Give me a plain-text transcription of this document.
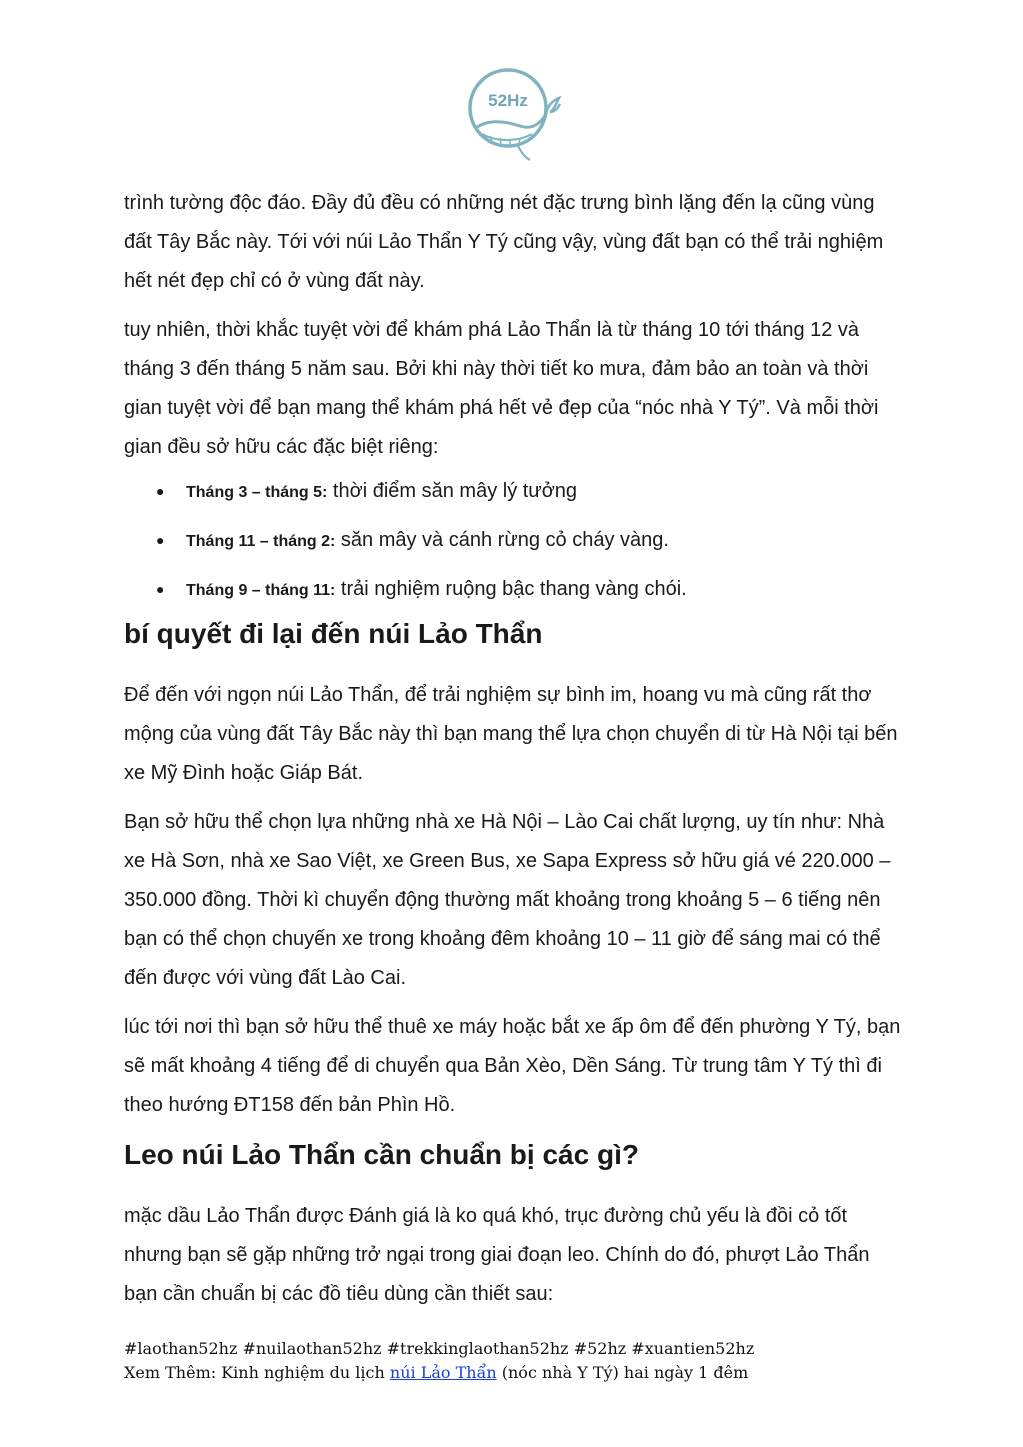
52Hz

trình tường độc đáo. Đầy đủ đều có những nét đặc trưng bình lặng đến lạ cũng vùng đất Tây Bắc này. Tới với núi Lảo Thẩn Y Tý cũng vậy, vùng đất bạn có thể trải nghiệm hết nét đẹp chỉ có ở vùng đất này.

tuy nhiên, thời khắc tuyệt vời để khám phá Lảo Thẩn là từ tháng 10 tới tháng 12 và tháng 3 đến tháng 5 năm sau. Bởi khi này thời tiết ko mưa, đảm bảo an toàn và thời gian tuyệt vời để bạn mang thể khám phá hết vẻ đẹp của “nóc nhà Y Tý”. Và mỗi thời gian đều sở hữu các đặc biệt riêng:

● Tháng 3 – tháng 5: thời điểm săn mây lý tưởng
● Tháng 11 – tháng 2: săn mây và cánh rừng cỏ cháy vàng.
● Tháng 9 – tháng 11: trải nghiệm ruộng bậc thang vàng chói.
bí quyết đi lại đến núi Lảo Thẩn

Để đến với ngọn núi Lảo Thẩn, để trải nghiệm sự bình im, hoang vu mà cũng rất thơ mộng của vùng đất Tây Bắc này thì bạn mang thể lựa chọn chuyển di từ Hà Nội tại bến xe Mỹ Đình hoặc Giáp Bát.

Bạn sở hữu thể chọn lựa những nhà xe Hà Nội – Lào Cai chất lượng, uy tín như: Nhà xe Hà Sơn, nhà xe Sao Việt, xe Green Bus, xe Sapa Express sở hữu giá vé 220.000 – 350.000 đồng. Thời kì chuyển động thường mất khoảng trong khoảng 5 – 6 tiếng nên bạn có thể chọn chuyến xe trong khoảng đêm khoảng 10 – 11 giờ để sáng mai có thể đến được với vùng đất Lào Cai.

lúc tới nơi thì bạn sở hữu thể thuê xe máy hoặc bắt xe ấp ôm để đến phường Y Tý, bạn sẽ mất khoảng 4 tiếng để di chuyển qua Bản Xèo, Dền Sáng. Từ trung tâm Y Tý thì đi theo hướng ĐT158 đến bản Phìn Hồ.

Leo núi Lảo Thẩn cần chuẩn bị các gì?

mặc dầu Lảo Thẩn được Đánh giá là ko quá khó, trục đường chủ yếu là đồi cỏ tốt nhưng bạn sẽ gặp những trở ngại trong giai đoạn leo. Chính do đó, phượt Lảo Thẩn bạn cần chuẩn bị các đồ tiêu dùng cần thiết sau:

#laothan52hz #nuilaothan52hz #trekkinglaothan52hz #52hz #xuantien52hz
Xem Thêm: Kinh nghiệm du lịch núi Lảo Thẩn (nóc nhà Y Tý) hai ngày 1 đêm
